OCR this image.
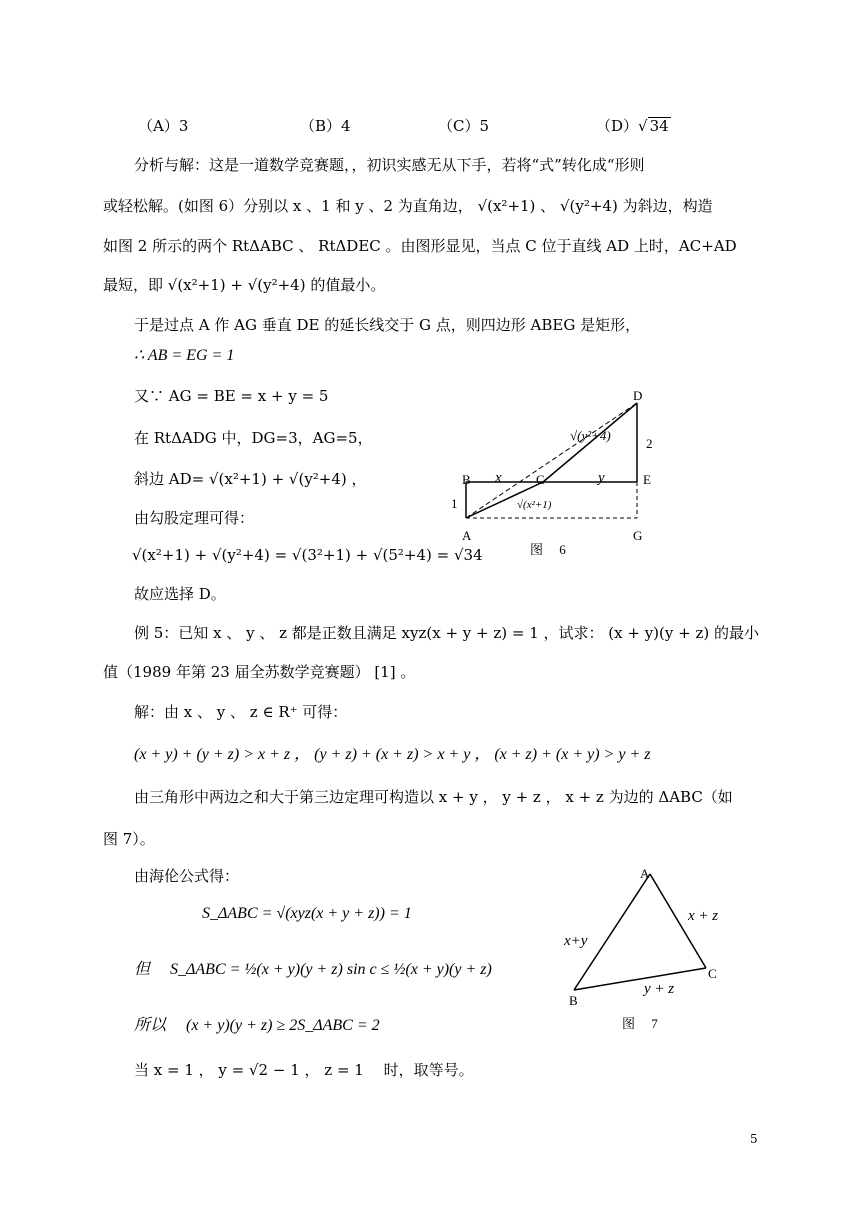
（A）3	（B）4	（C）5	（D）√ 34
分析与解：这是一道数学竞赛题，，初识实感无从下手，若将“式”转化成“形则
或轻松解。(如图 6）分别以 x 、1 和 y 、2 为直角边， √(x²+1) 、 √(y²+4) 为斜边，构造
如图 2 所示的两个 RtΔABC 、 RtΔDEC 。由图形显见，当点 C 位于直线 AD 上时，AC+AD
最短，即 √(x²+1) + √(y²+4) 的值最小。
于是过点 A 作 AG 垂直 DE 的延长线交于 G 点，则四边形 ABEG 是矩形，
∴ AB = EG = 1
又∵ AG = BE = x + y = 5
在 RtΔADG 中，DG=3，AG=5，
斜边 AD= √(x²+1) + √(y²+4) ，
由勾股定理可得：
√(x²+1) + √(y²+4) = √(3²+1) + √(5²+4) = √34
故应选择 D。
D
B	C	E
A	G
x	y
1
2
√(x²+1)
√(y²+4)
图　 6
例 5：已知 x 、 y 、 z 都是正数且满足 xyz(x + y + z) = 1 ，试求： (x + y)(y + z) 的最小
值（1989 年第 23 届全苏数学竞赛题） [1] 。
解：由 x 、 y 、 z ∈ R⁺ 可得：
(x + y) + (y + z) > x + z ， (y + z) + (x + z) > x + y ， (x + z) + (x + y) > y + z
由三角形中两边之和大于第三边定理可构造以 x + y ， y + z ， x + z 为边的 ΔABC（如
图 7）。
由海伦公式得：
S_ΔABC = √(xyz(x + y + z)) = 1
但　 S_ΔABC = ½(x + y)(y + z) sin c ≤ ½(x + y)(y + z)
所以　 (x + y)(y + z) ≥ 2S_ΔABC = 2
当 x = 1 ， y = √2 − 1 ， z = 1　 时，取等号。
A
B
C
x+y
x + z
y + z
图　 7
5
